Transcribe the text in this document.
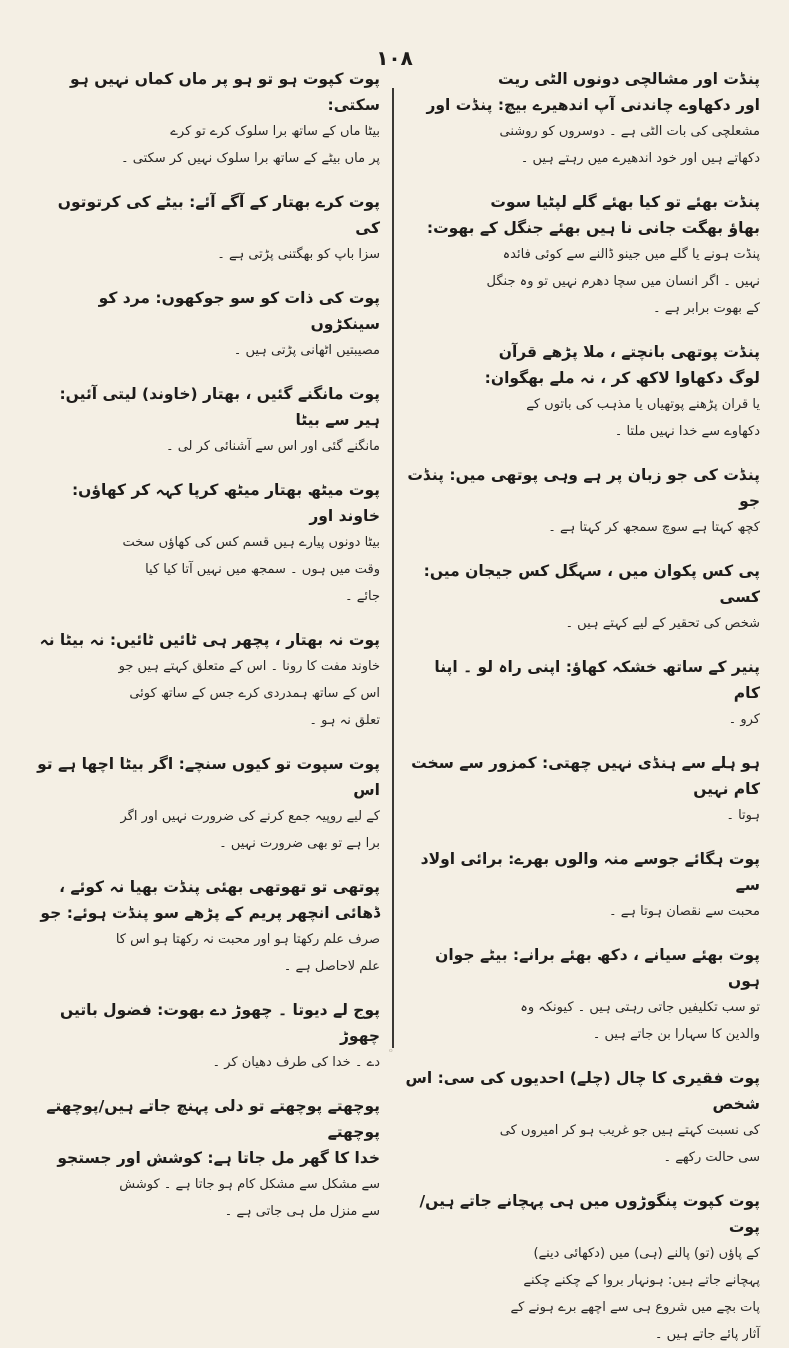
۱۰۸
پنڈت اور مشالچی دونوں الٹی ریت
اور دکھاوے چاندنی آپ اندھیرے بیچ: پنڈت اور
مشعلچی کی بات الٹی ہے ۔ دوسروں کو روشنی
دکھاتے ہیں اور خود اندھیرے میں رہتے ہیں ۔
پنڈت بھئے تو کیا بھئے گلے لپٹیا سوت
بھاؤ بھگت جانی نا ہیں بھئے جنگل کے بھوت:
پنڈت ہونے یا گلے میں جینو ڈالنے سے کوئی فائدہ
نہیں ۔ اگر انسان میں سچا دھرم نہیں تو وہ جنگل
کے بھوت برابر ہے ۔
پنڈت پوتھی بانچتے ، ملا پڑھے قرآن
لوگ دکھاوا لاکھ کر ، نہ ملے بھگوان:
یا قران پڑھنے پوتھیاں یا مذہب کی باتوں کے
دکھاوے سے خدا نہیں ملتا ۔
پنڈت کی جو زبان پر ہے وہی پوتھی میں: پنڈت جو
کچھ کہتا ہے سوچ سمجھ کر کہتا ہے ۔
پی کس پکوان میں ، سہگل کس جیجان میں: کسی
شخص کی تحقیر کے لیے کہتے ہیں ۔
پنیر کے ساتھ خشکہ کھاؤ: اپنی راہ لو ۔ اپنا کام
کرو ۔
ہو ہلے سے ہنڈی نہیں چھتی: کمزور سے سخت کام نہیں
ہوتا ۔
پوت ہگائے جوسے منہ والوں بھرے: برائی اولاد سے
محبت سے نقصان ہوتا ہے ۔
پوت بھئے سیانے ، دکھ بھئے برانے: بیٹے جوان ہوں
تو سب تکلیفیں جاتی رہتی ہیں ۔ کیونکہ وہ
والدین کا سہارا بن جاتے ہیں ۔
پوت فقیری کا چال (چلے) احدیوں کی سی: اس شخص
کی نسبت کہتے ہیں جو غریب ہو کر امیروں کی
سی حالت رکھے ۔
پوت کپوت پنگوڑوں میں ہی پہچانے جاتے ہیں/پوت
کے پاؤں (تو) پالنے (ہی) میں (دکھائی دینے)
پہچانے جاتے ہیں: ہونہار بروا کے چکنے چکنے
پات بچے میں شروع ہی سے اچھے برے ہونے کے
آثار پائے جاتے ہیں ۔
پوت کپوت ہو تو ہو پر ماں کماں نہیں ہو سکتی:
بیٹا ماں کے ساتھ برا سلوک کرے تو کرے
پر ماں بیٹے کے ساتھ برا سلوک نہیں کر سکتی ۔
پوت کرے بھتار کے آگے آئے: بیٹے کی کرتوتوں کی
سزا باپ کو بھگتنی پڑتی ہے ۔
پوت کی ذات کو سو جوکھوں: مرد کو سینکڑوں
مصیبتیں اٹھانی پڑتی ہیں ۔
پوت مانگنے گئیں ، بھتار (خاوند) لیتی آئیں: ہیر سے بیٹا
مانگنے گئی اور اس سے آشنائی کر لی ۔
پوت میٹھ بھتار میٹھ کرپا کہہ کر کھاؤں: خاوند اور
بیٹا دونوں پیارے ہیں قسم کس کی کھاؤں سخت
وقت میں ہوں ۔ سمجھ میں نہیں آتا کیا کیا
جائے ۔
پوت نہ بھتار ، پچھر ہی ٹائیں ٹائیں: نہ بیٹا نہ
خاوند مفت کا رونا ۔ اس کے متعلق کہتے ہیں جو
اس کے ساتھ ہمدردی کرے جس کے ساتھ کوئی
تعلق نہ ہو ۔
پوت سپوت تو کیوں سنچے: اگر بیٹا اچھا ہے تو اس
کے لیے روپیہ جمع کرنے کی ضرورت نہیں اور اگر
برا ہے تو بھی ضرورت نہیں ۔
پوتھی تو تھوتھی بھئی پنڈت بھیا نہ کوئے ،
ڈھائی انچھر پریم کے پڑھے سو پنڈت ہوئے: جو
صرف علم رکھتا ہو اور محبت نہ رکھتا ہو اس کا
علم لاحاصل ہے ۔
پوج لے دیوتا ۔ چھوڑ دے بھوت: فضول باتیں چھوڑ
دے ۔ خدا کی طرف دھیان کر ۔
پوچھتے پوچھتے تو دلی پہنچ جاتے ہیں/پوچھتے پوچھتے
خدا کا گھر مل جاتا ہے: کوشش اور جستجو
سے مشکل سے مشکل کام ہو جاتا ہے ۔ کوشش
سے منزل مل ہی جاتی ہے ۔
ₒ
